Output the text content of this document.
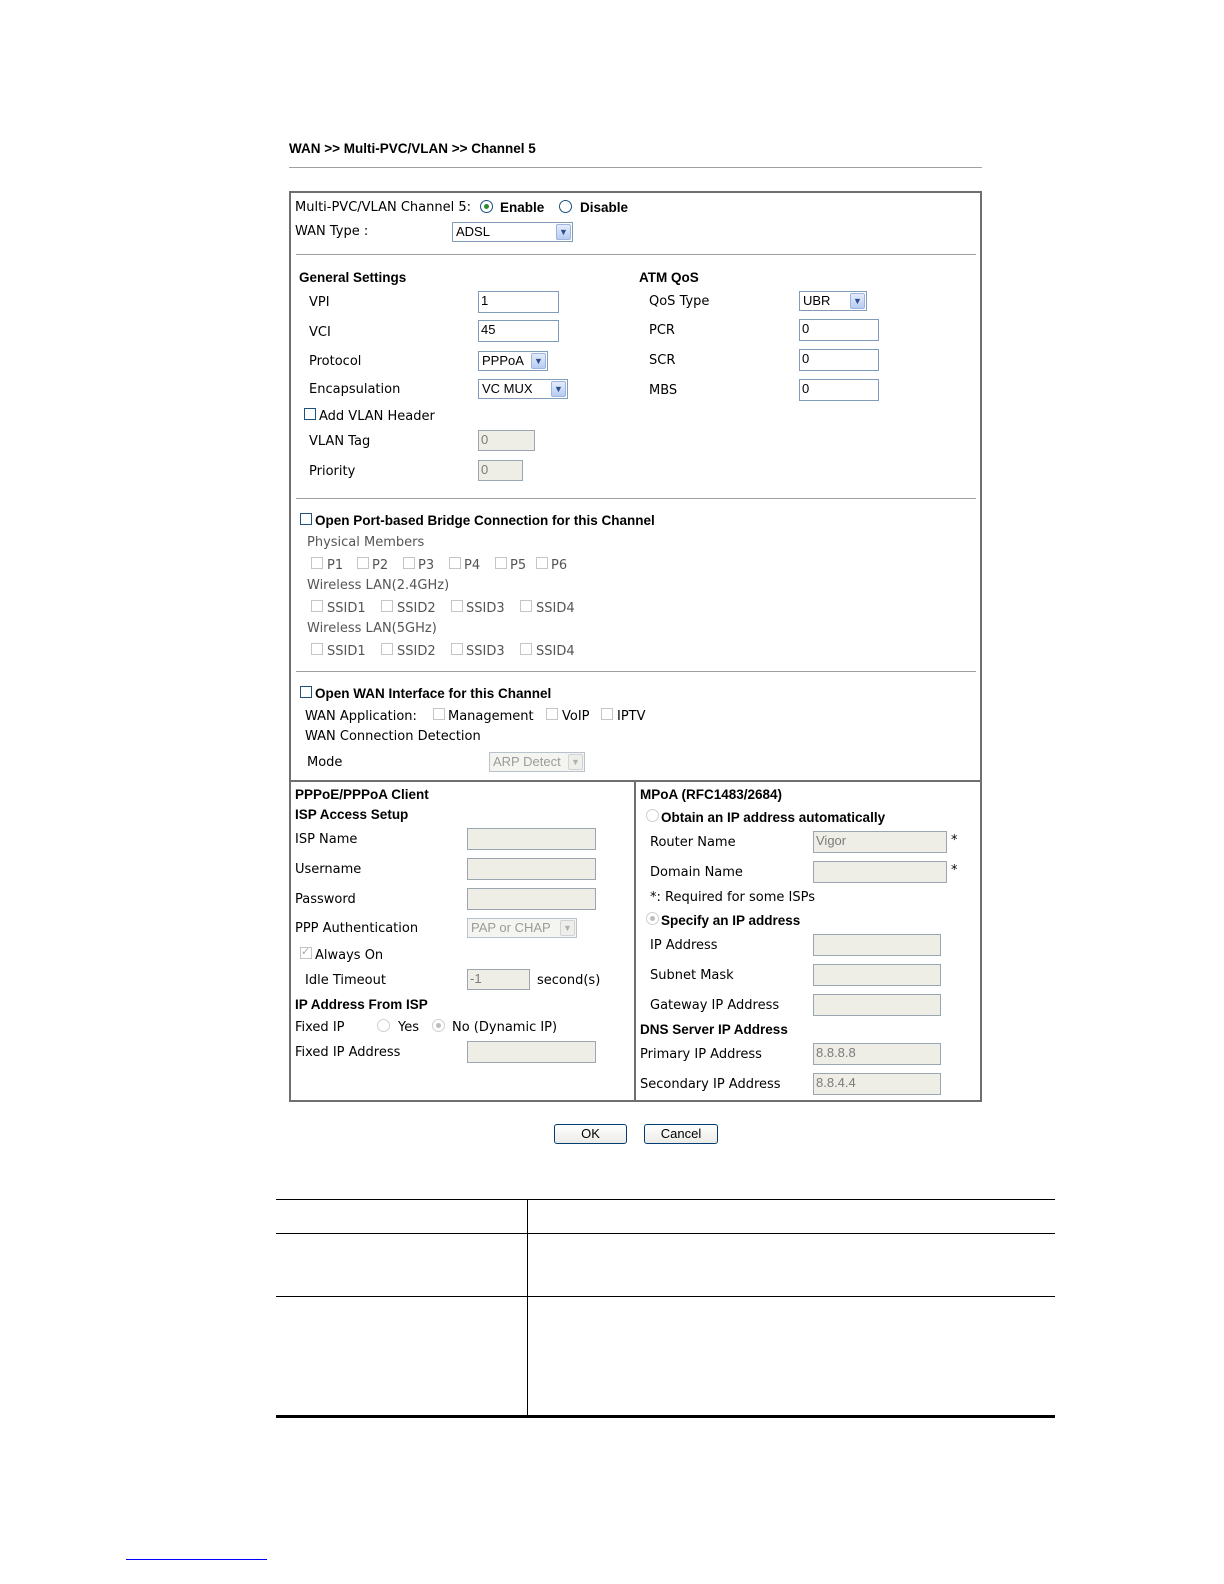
WAN >> Multi-PVC/VLAN >> Channel 5
Multi-PVC/VLAN Channel 5: Enable	Disable
WAN Type :	ADSL	▼
General Settings
VPI	1
VCI	45
Protocol	PPPoA	▼
Encapsulation	VC MUX	▼
Add VLAN Header
VLAN Tag	0
Priority	0
ATM QoS
QoS Type	UBR	▼
PCR	0
SCR	0
MBS	0
Open Port-based Bridge Connection for this Channel
Physical Members
P1 P2 P3 P4 P5 P6
Wireless LAN(2.4GHz)
SSID1 SSID2 SSID3 SSID4
Wireless LAN(5GHz)
SSID1 SSID2 SSID3 SSID4
Open WAN Interface for this Channel
WAN Application: Management VoIP IPTV
WAN Connection Detection
Mode	ARP Detect	▼
PPPoE/PPPoA Client
ISP Access Setup
ISP Name
Username
Password
PPP Authentication	PAP or CHAP	▼
✓
Always On
Idle Timeout	-1	second(s)
IP Address From ISP
Fixed IP	Yes	No (Dynamic IP)
Fixed IP Address
MPoA (RFC1483/2684)
Obtain an IP address automatically
Router Name	Vigor	*
Domain Name	*
*: Required for some ISPs
Specify an IP address
IP Address
Subnet Mask
Gateway IP Address
DNS Server IP Address
Primary IP Address	8.8.8.8
Secondary IP Address	8.8.4.4
OK	Cancel
